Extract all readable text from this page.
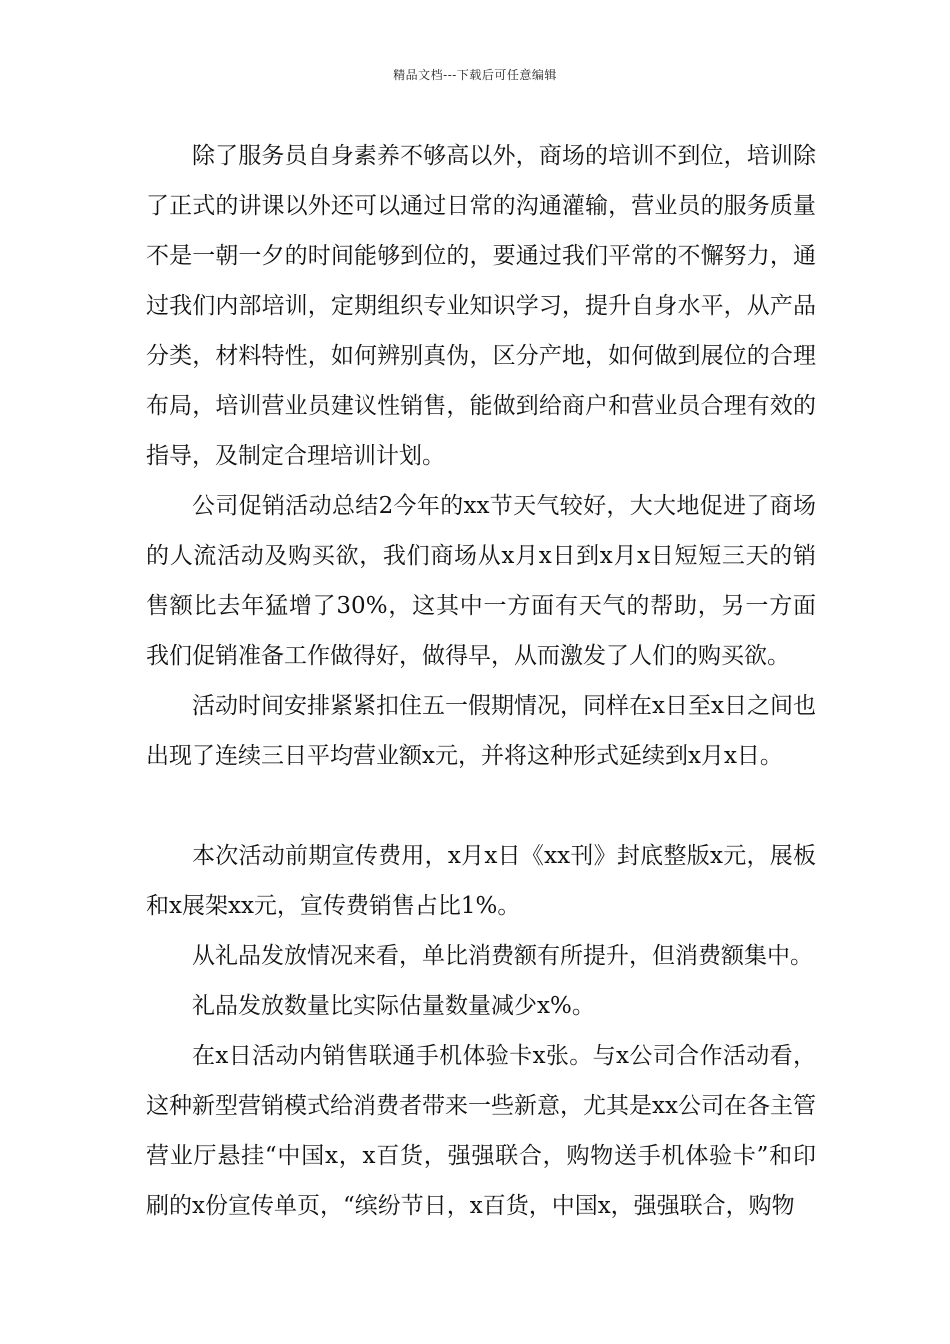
精品文档---下载后可任意编辑

除了服务员自身素养不够高以外，商场的培训不到位，培训除了正式的讲课以外还可以通过日常的沟通灌输，营业员的服务质量不是一朝一夕的时间能够到位的，要通过我们平常的不懈努力，通过我们内部培训，定期组织专业知识学习，提升自身水平，从产品分类，材料特性，如何辨别真伪，区分产地，如何做到展位的合理布局，培训营业员建议性销售，能做到给商户和营业员合理有效的指导，及制定合理培训计划。

公司促销活动总结2今年的xx节天气较好，大大地促进了商场的人流活动及购买欲，我们商场从x月x日到x月x日短短三天的销售额比去年猛增了30%，这其中一方面有天气的帮助，另一方面我们促销准备工作做得好，做得早，从而激发了人们的购买欲。

活动时间安排紧紧扣住五一假期情况，同样在x日至x日之间也出现了连续三日平均营业额x元，并将这种形式延续到x月x日。

本次活动前期宣传费用，x月x日《xx刊》封底整版x元，展板和x展架xx元，宣传费销售占比1%。

从礼品发放情况来看，单比消费额有所提升，但消费额集中。

礼品发放数量比实际估量数量减少x%。

在x日活动内销售联通手机体验卡x张。与x公司合作活动看，这种新型营销模式给消费者带来一些新意，尤其是xx公司在各主管营业厅悬挂“中国x，x百货，强强联合，购物送手机体验卡”和印刷的x份宣传单页，“缤纷节日，x百货，中国x，强强联合，购物
